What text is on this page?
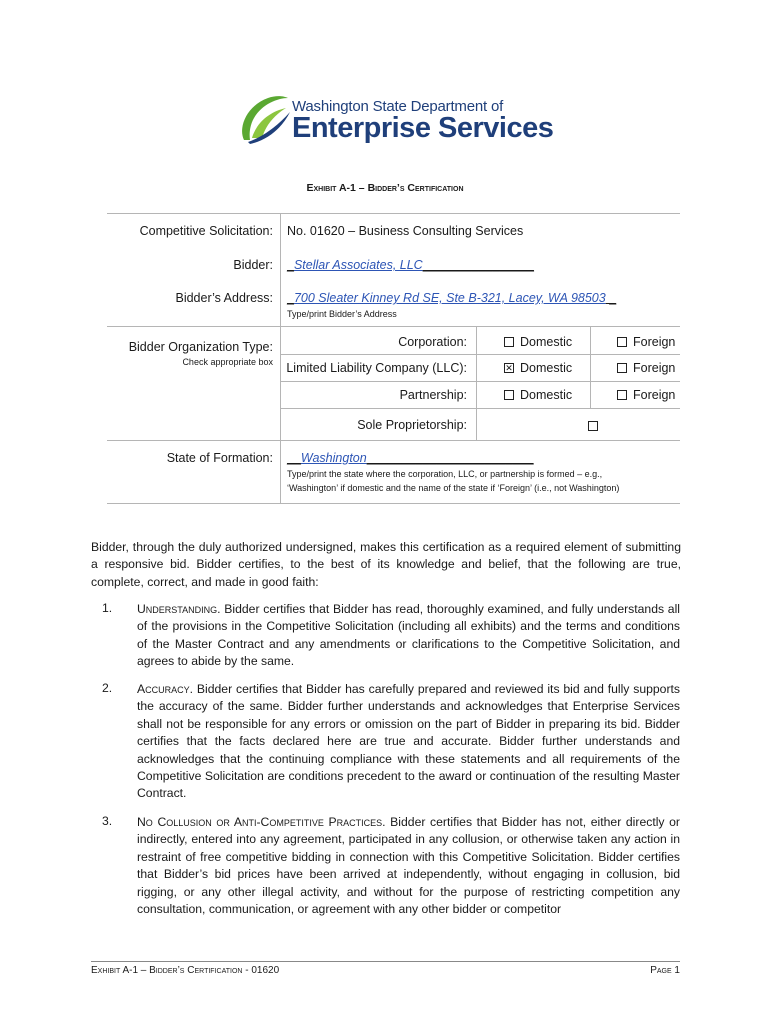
Washington State Department of
Enterprise Services
Exhibit A-1 – Bidder’s Certification
Competitive Solicitation: No. 01620 – Business Consulting Services
Bidder: _Stellar Associates, LLC________________
Bidder’s Address: _700 Sleater Kinney Rd SE, Ste B-321, Lacey, WA 98503 _
Type/print Bidder’s Address
Bidder Organization Type:
Check appropriate box
Corporation:	Domestic	Foreign
Limited Liability Company (LLC):	✕ Domestic	Foreign
Partnership:	Domestic	Foreign
Sole Proprietorship:
State of Formation: __Washington________________________
Type/print the state where the corporation, LLC, or partnership is formed – e.g.,
‘Washington’ if domestic and the name of the state if ‘Foreign’ (i.e., not Washington)
Bidder, through the duly authorized undersigned, makes this certification as a required element of submitting a responsive bid. Bidder certifies, to the best of its knowledge and belief, that the following are true, complete, correct, and made in good faith:
1. Understanding. Bidder certifies that Bidder has read, thoroughly examined, and fully understands all of the provisions in the Competitive Solicitation (including all exhibits) and the terms and conditions of the Master Contract and any amendments or clarifications to the Competitive Solicitation, and agrees to abide by the same.
2. Accuracy. Bidder certifies that Bidder has carefully prepared and reviewed its bid and fully supports the accuracy of the same. Bidder further understands and acknowledges that Enterprise Services shall not be responsible for any errors or omission on the part of Bidder in preparing its bid. Bidder certifies that the facts declared here are true and accurate. Bidder further understands and acknowledges that the continuing compliance with these statements and all requirements of the Competitive Solicitation are conditions precedent to the award or continuation of the resulting Master Contract.
3. No Collusion or Anti-Competitive Practices. Bidder certifies that Bidder has not, either directly or indirectly, entered into any agreement, participated in any collusion, or otherwise taken any action in restraint of free competitive bidding in connection with this Competitive Solicitation. Bidder certifies that Bidder’s bid prices have been arrived at independently, without engaging in collusion, bid rigging, or any other illegal activity, and without for the purpose of restricting competition any consultation, communication, or agreement with any other bidder or competitor
Exhibit A-1 – Bidder’s Certification - 01620	Page 1
